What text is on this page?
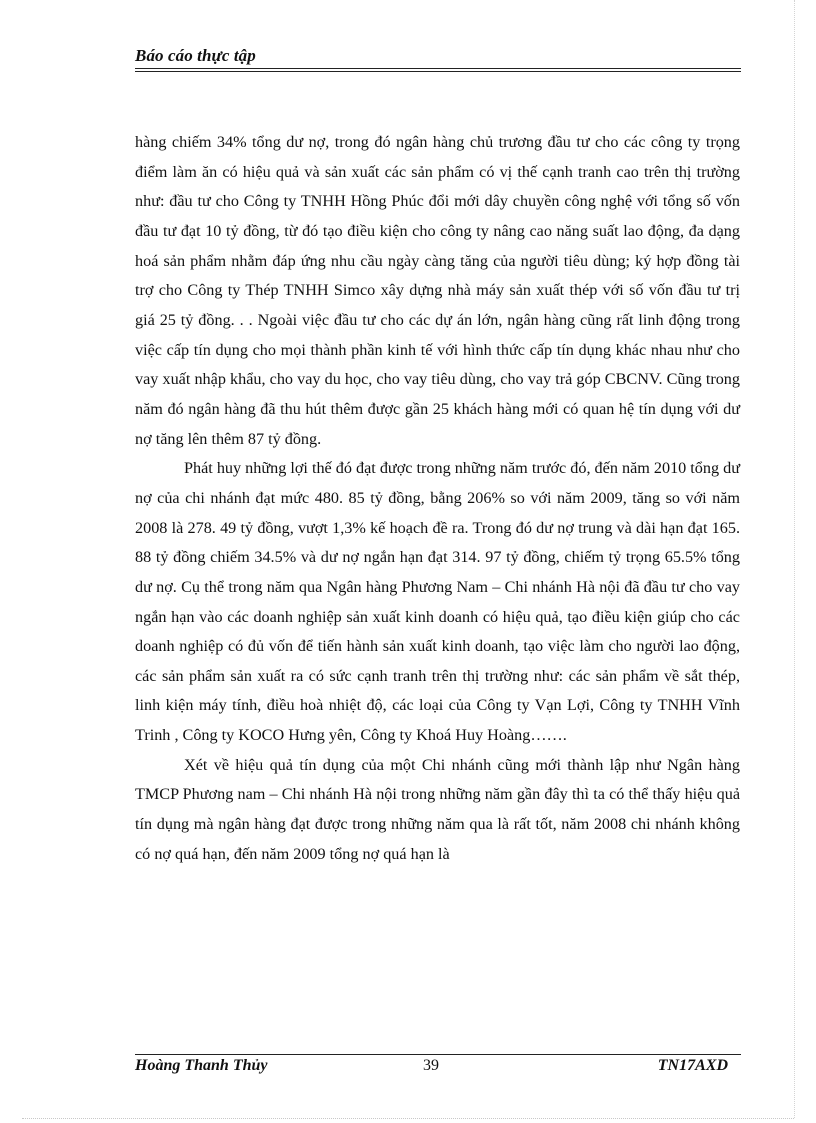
Báo cáo thực tập

hàng chiếm 34% tổng dư nợ, trong đó ngân hàng chủ trương đầu tư cho các công ty trọng điểm làm ăn có hiệu quả và sản xuất các sản phẩm có vị thế cạnh tranh cao trên thị trường như: đầu tư cho Công ty TNHH Hồng Phúc đổi mới dây chuyền công nghệ với tổng số vốn đầu tư đạt 10 tỷ đồng, từ đó tạo điều kiện cho công ty nâng cao năng suất lao động, đa dạng hoá sản phẩm nhằm đáp ứng nhu cầu ngày càng tăng của người tiêu dùng; ký hợp đồng tài trợ cho Công ty Thép TNHH Simco xây dựng nhà máy sản xuất thép với số vốn đầu tư trị giá 25 tỷ đồng. . . Ngoài việc đầu tư cho các dự án lớn, ngân hàng cũng rất linh động trong việc cấp tín dụng cho mọi thành phần kinh tế với hình thức cấp tín dụng khác nhau như cho vay xuất nhập khẩu, cho vay du học, cho vay tiêu dùng, cho vay trả góp CBCNV. Cũng trong năm đó ngân hàng đã thu hút thêm được gần 25 khách hàng mới có quan hệ tín dụng với dư nợ tăng lên thêm 87 tỷ đồng.

Phát huy những lợi thế đó đạt được trong những năm trước đó, đến năm 2010 tổng dư nợ của chi nhánh đạt mức 480. 85 tỷ đồng, bằng 206% so với năm 2009, tăng so với năm 2008 là 278. 49 tỷ đồng, vượt 1,3% kế hoạch đề ra. Trong đó dư nợ trung và dài hạn đạt 165. 88 tỷ đồng chiếm 34.5% và dư nợ ngắn hạn đạt 314. 97 tỷ đồng, chiếm tỷ trọng 65.5% tổng dư nợ. Cụ thể trong năm qua Ngân hàng Phương Nam – Chi nhánh Hà nội đã đầu tư cho vay ngắn hạn vào các doanh nghiệp sản xuất kinh doanh có hiệu quả, tạo điều kiện giúp cho các doanh nghiệp có đủ vốn để tiến hành sản xuất kinh doanh, tạo việc làm cho người lao động, các sản phẩm sản xuất ra có sức cạnh tranh trên thị trường như: các sản phẩm về sắt thép, linh kiện máy tính, điều hoà nhiệt độ, các loại của Công ty Vạn Lợi, Công ty TNHH Vĩnh Trinh , Công ty KOCO Hưng yên, Công ty Khoá Huy Hoàng…….

Xét về hiệu quả tín dụng của một Chi nhánh cũng mới thành lập như Ngân hàng TMCP Phương nam – Chi nhánh Hà nội trong những năm gần đây thì ta có thể thấy hiệu quả tín dụng mà ngân hàng đạt được trong những năm qua là rất tốt, năm 2008 chi nhánh không có nợ quá hạn, đến năm 2009 tổng nợ quá hạn là

Hoàng Thanh Thủy	39	TN17AXD
